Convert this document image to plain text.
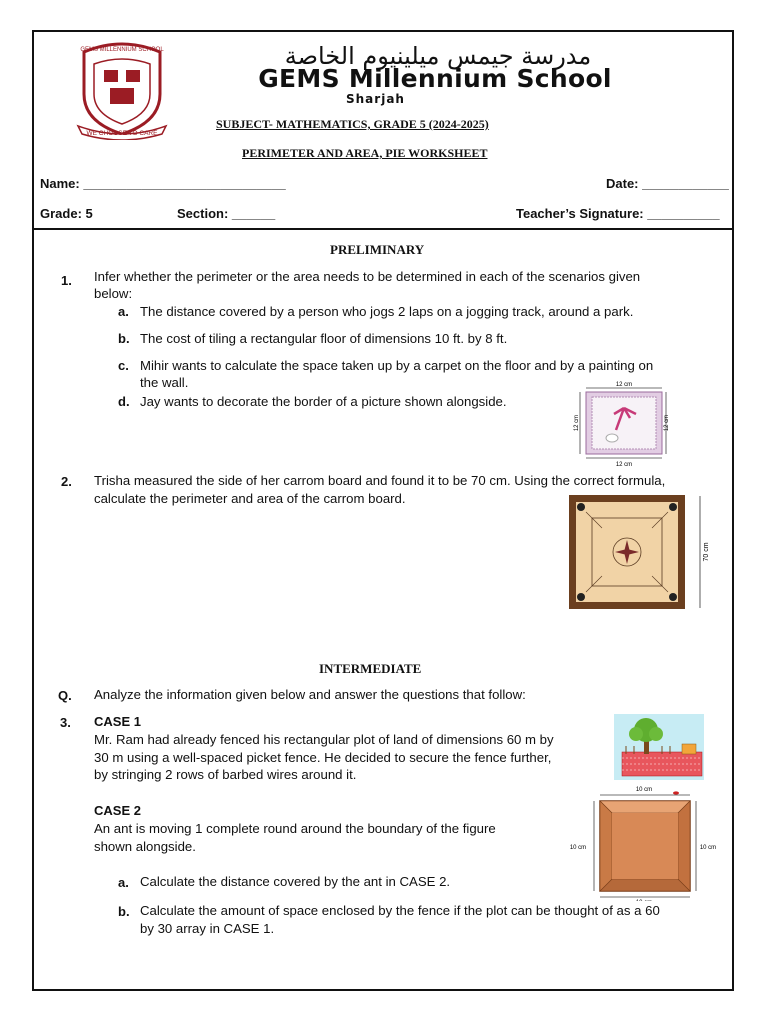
WE CHOOSE TO CARE
GEMS MILLENNIUM SCHOOL	مدرسة جيمس ميلينيوم الخاصة
GEMS Millennium School
Sharjah
SUBJECT- MATHEMATICS, GRADE 5 (2024-2025)
PERIMETER AND AREA, PIE WORKSHEET
Name: ____________________________	Date: ____________
Grade: 5	Section: ______	Teacher’s Signature: __________
PRELIMINARY
1. Infer whether the perimeter or the area needs to be determined in each of the scenarios given
below:
a. The distance covered by a person who jogs 2 laps on a jogging track, around a park.
b. The cost of tiling a rectangular floor of dimensions 10 ft. by 8 ft.
c. Mihir wants to calculate the space taken up by a carpet on the floor and by a painting on
the wall.
d. Jay wants to decorate the border of a picture shown alongside.
12 cm
12 cm
12 cm	12 cm
2. Trisha measured the side of her carrom board and found it to be 70 cm. Using the correct formula,
calculate the perimeter and area of the carrom board.
70 cm
INTERMEDIATE
Q. Analyze the information given below and answer the questions that follow:
3. CASE 1
Mr. Ram had already fenced his rectangular plot of land of dimensions 60 m by
30 m using a well-spaced picket fence. He decided to secure the fence further,
by stringing 2 rows of barbed wires around it.
CASE 2
An ant is moving 1 complete round around the boundary of the figure
shown alongside.
10 cm
10 cm	10 cm
a. Calculate the distance covered by the ant in CASE 2.
b. Calculate the amount of space enclosed by the fence if the plot can be thought of as a 60
by 30 array in CASE 1.
